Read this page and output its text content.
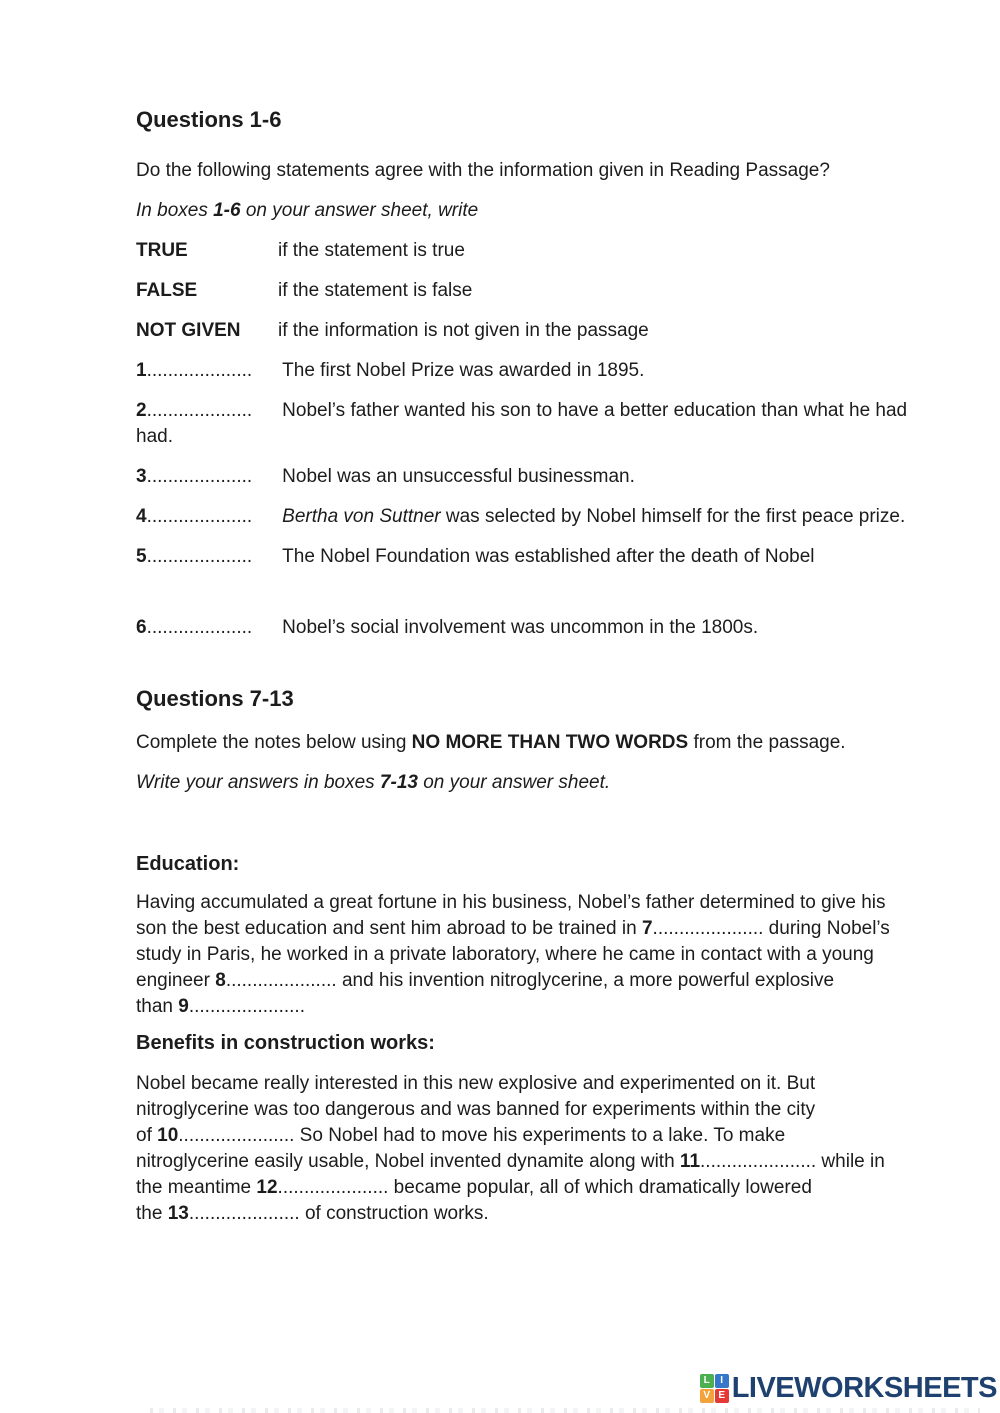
Questions 1-6
Do the following statements agree with the information given in Reading Passage?
In boxes 1-6 on your answer sheet, write
TRUE	if the statement is true
FALSE	if the statement is false
NOT GIVEN	if the information is not given in the passage
1.................... The first Nobel Prize was awarded in 1895.
2.................... Nobel’s father wanted his son to have a better education than what he had
had.
3.................... Nobel was an unsuccessful businessman.
4.................... Bertha von Suttner was selected by Nobel himself for the first peace prize.
5.................... The Nobel Foundation was established after the death of Nobel
6.................... Nobel’s social involvement was uncommon in the 1800s.
Questions 7-13
Complete the notes below using NO MORE THAN TWO WORDS from the passage.
Write your answers in boxes 7-13 on your answer sheet.
Education:
Having accumulated a great fortune in his business, Nobel’s father determined to give his
son the best education and sent him abroad to be trained in 7..................... during Nobel’s
study in Paris, he worked in a private laboratory, where he came in contact with a young
engineer 8..................... and his invention nitroglycerine, a more powerful explosive
than 9......................
Benefits in construction works:
Nobel became really interested in this new explosive and experimented on it. But
nitroglycerine was too dangerous and was banned for experiments within the city
of 10...................... So Nobel had to move his experiments to a lake. To make
nitroglycerine easily usable, Nobel invented dynamite along with 11...................... while in
the meantime 12..................... became popular, all of which dramatically lowered
the 13..................... of construction works.
L	I
V E LIVEWORKSHEETS
